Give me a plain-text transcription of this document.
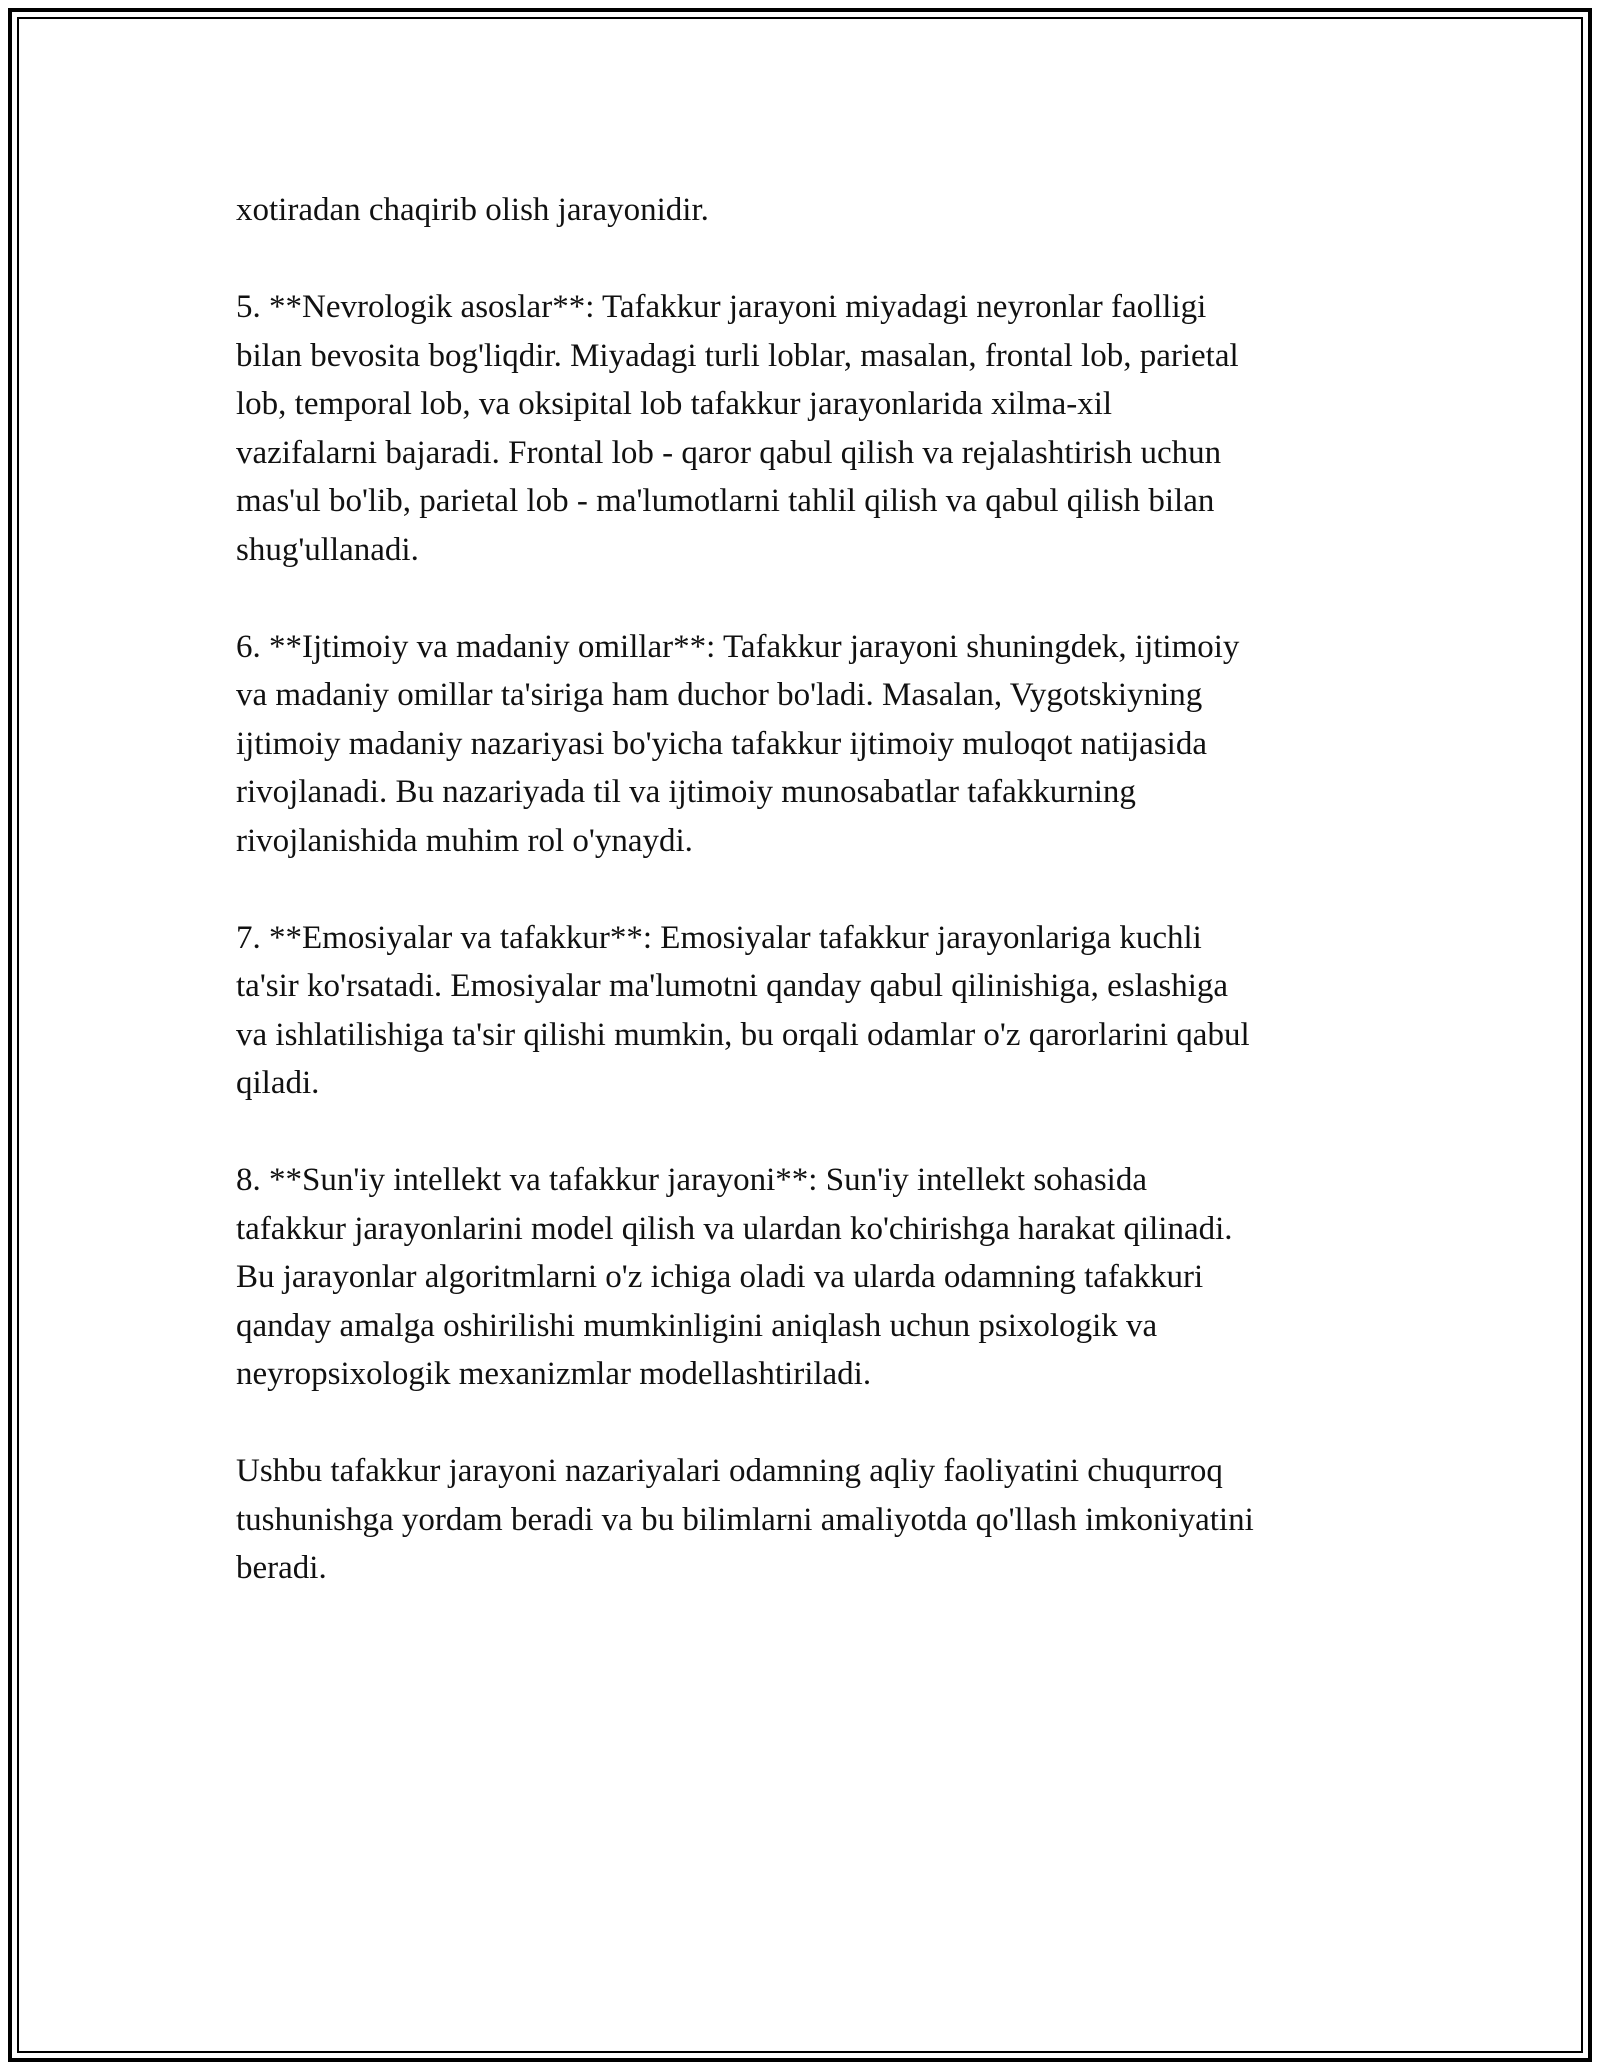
xotiradan chaqirib olish jarayonidir.

5. **Nevrologik asoslar**: Tafakkur jarayoni miyadagi neyronlar faolligi
bilan bevosita bog'liqdir. Miyadagi turli loblar, masalan, frontal lob, parietal
lob, temporal lob, va oksipital lob tafakkur jarayonlarida xilma-xil
vazifalarni bajaradi. Frontal lob - qaror qabul qilish va rejalashtirish uchun
mas'ul bo'lib, parietal lob - ma'lumotlarni tahlil qilish va qabul qilish bilan
shug'ullanadi.

6. **Ijtimoiy va madaniy omillar**: Tafakkur jarayoni shuningdek, ijtimoiy
va madaniy omillar ta'siriga ham duchor bo'ladi. Masalan, Vygotskiyning
ijtimoiy madaniy nazariyasi bo'yicha tafakkur ijtimoiy muloqot natijasida
rivojlanadi. Bu nazariyada til va ijtimoiy munosabatlar tafakkurning
rivojlanishida muhim rol o'ynaydi.

7. **Emosiyalar va tafakkur**: Emosiyalar tafakkur jarayonlariga kuchli
ta'sir ko'rsatadi. Emosiyalar ma'lumotni qanday qabul qilinishiga, eslashiga
va ishlatilishiga ta'sir qilishi mumkin, bu orqali odamlar o'z qarorlarini qabul
qiladi.

8. **Sun'iy intellekt va tafakkur jarayoni**: Sun'iy intellekt sohasida
tafakkur jarayonlarini model qilish va ulardan ko'chirishga harakat qilinadi.
Bu jarayonlar algoritmlarni o'z ichiga oladi va ularda odamning tafakkuri
qanday amalga oshirilishi mumkinligini aniqlash uchun psixologik va
neyropsixologik mexanizmlar modellashtiriladi.

Ushbu tafakkur jarayoni nazariyalari odamning aqliy faoliyatini chuqurroq
tushunishga yordam beradi va bu bilimlarni amaliyotda qo'llash imkoniyatini
beradi.
